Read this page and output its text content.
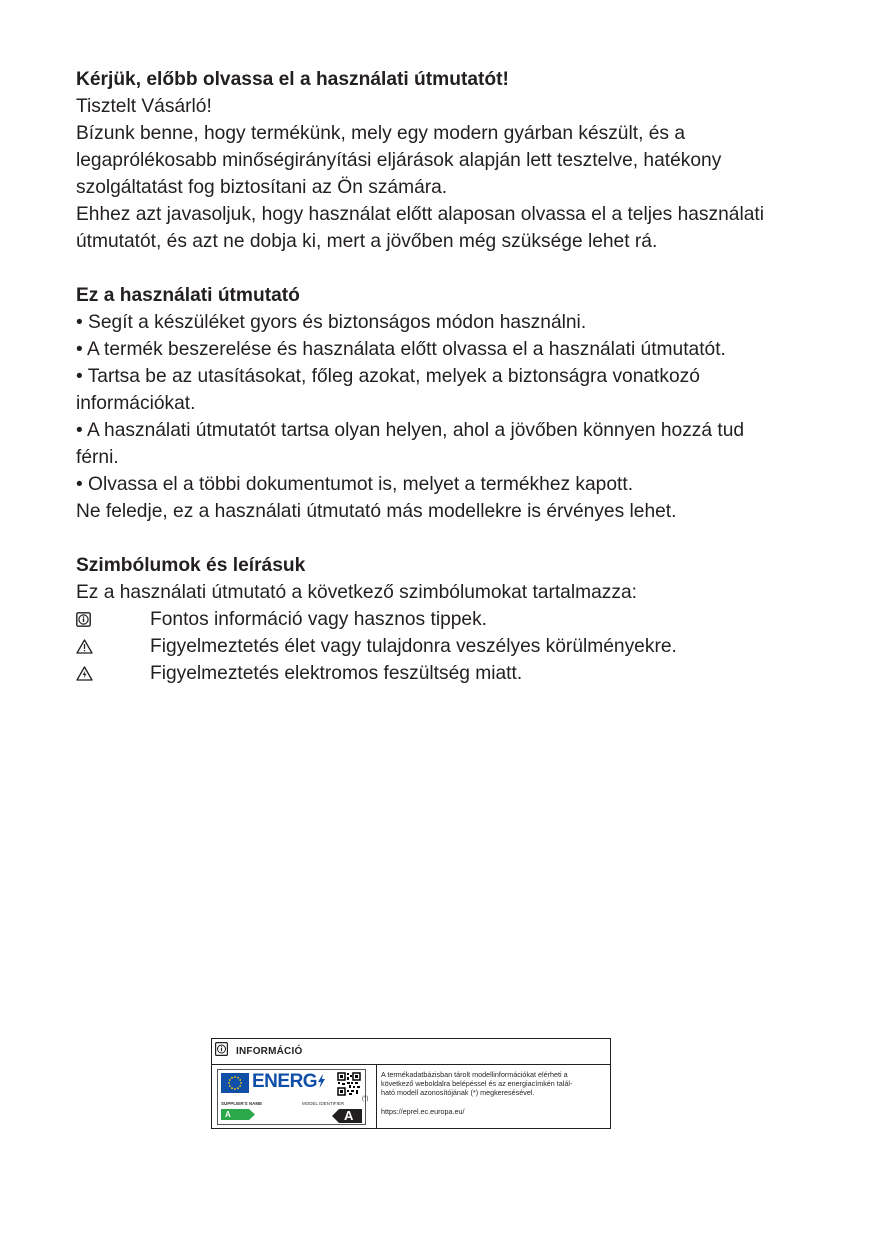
Kérjük, előbb olvassa el a használati útmutatót!

Tisztelt Vásárló!

Bízunk benne, hogy termékünk, mely egy modern gyárban készült, és a

legaprólékosabb minőségirányítási eljárások alapján lett tesztelve, hatékony

szolgáltatást fog biztosítani az Ön számára.

Ehhez azt javasoljuk, hogy használat előtt alaposan olvassa el a teljes használati

útmutatót, és azt ne dobja ki, mert a jövőben még szüksége lehet rá.

Ez a használati útmutató

• Segít a készüléket gyors és biztonságos módon használni.

• A termék beszerelése és használata előtt olvassa el a használati útmutatót.

• Tartsa be az utasításokat, főleg azokat, melyek a biztonságra vonatkozó

információkat.

• A használati útmutatót tartsa olyan helyen, ahol a jövőben könnyen hozzá tud

férni.

• Olvassa el a többi dokumentumot is, melyet a termékhez kapott.

Ne feledje, ez a használati útmutató más modellekre is érvényes lehet.

Szimbólumok és leírásuk

Ez a használati útmutató a következő szimbólumokat tartalmazza:

Fontos információ vagy hasznos tippek.
Figyelmeztetés élet vagy tulajdonra veszélyes körülményekre.
Figyelmeztetés elektromos feszültség miatt.
INFORMÁCIÓ
ENERG
SUPPLIER'S NAME	MODEL IDENTIFIER
A	A
(*)
A termékadatbázisban tárolt modellinformációkat elérheti a
következő weboldalra belépéssel és az energiacímkén talál-
ható modell azonosítójának (*) megkeresésével.
https://eprel.ec.europa.eu/
